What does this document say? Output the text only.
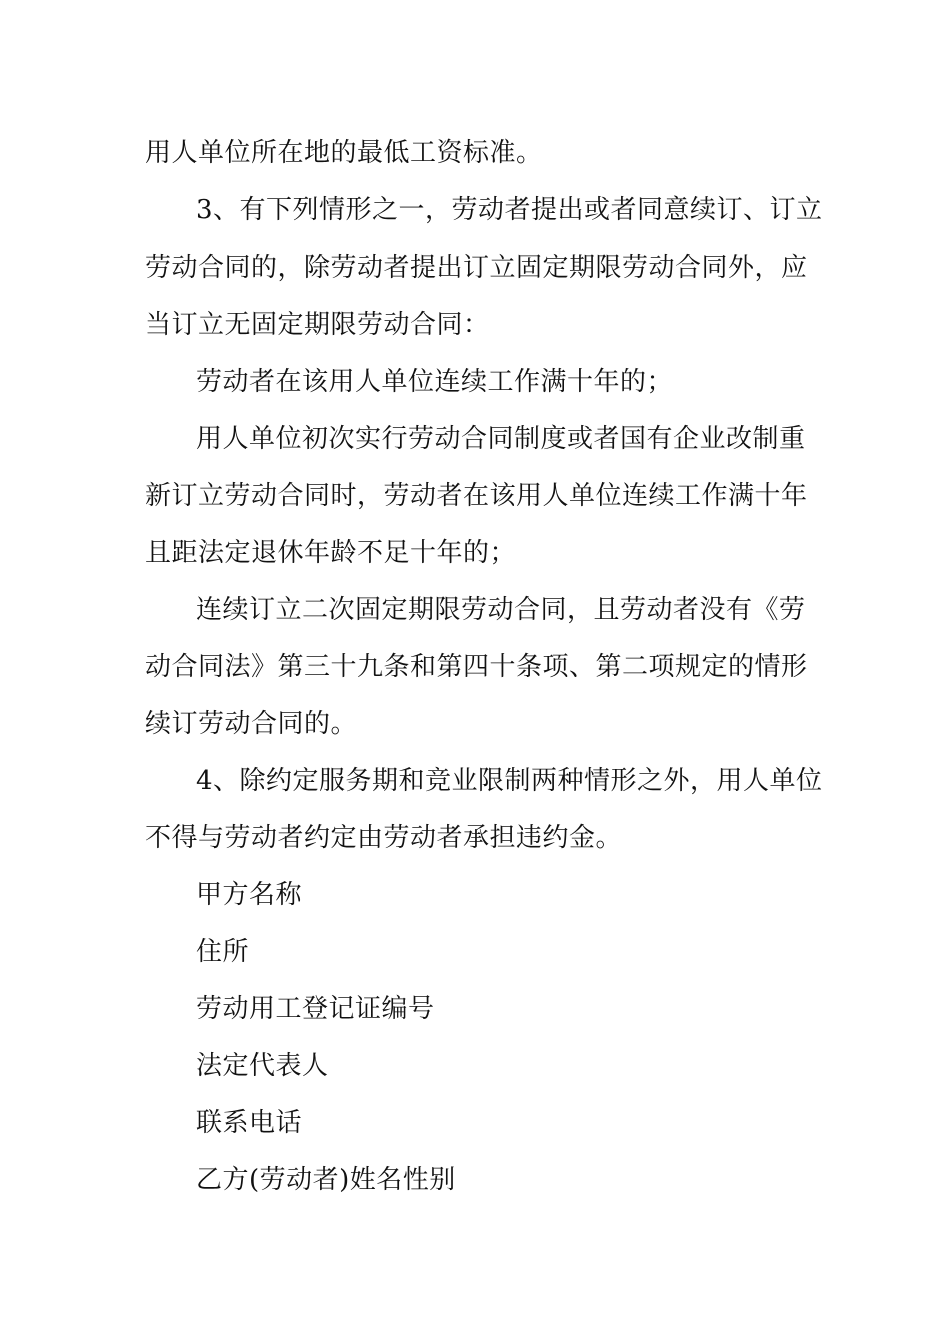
用人单位所在地的最低工资标准。

3、有下列情形之一，劳动者提出或者同意续订、订立

劳动合同的，除劳动者提出订立固定期限劳动合同外，应

当订立无固定期限劳动合同：

劳动者在该用人单位连续工作满十年的；

用人单位初次实行劳动合同制度或者国有企业改制重

新订立劳动合同时，劳动者在该用人单位连续工作满十年

且距法定退休年龄不足十年的；

连续订立二次固定期限劳动合同，且劳动者没有《劳

动合同法》第三十九条和第四十条项、第二项规定的情形

续订劳动合同的。

4、除约定服务期和竞业限制两种情形之外，用人单位

不得与劳动者约定由劳动者承担违约金。

甲方名称

住所

劳动用工登记证编号

法定代表人

联系电话

乙方(劳动者)姓名性别
